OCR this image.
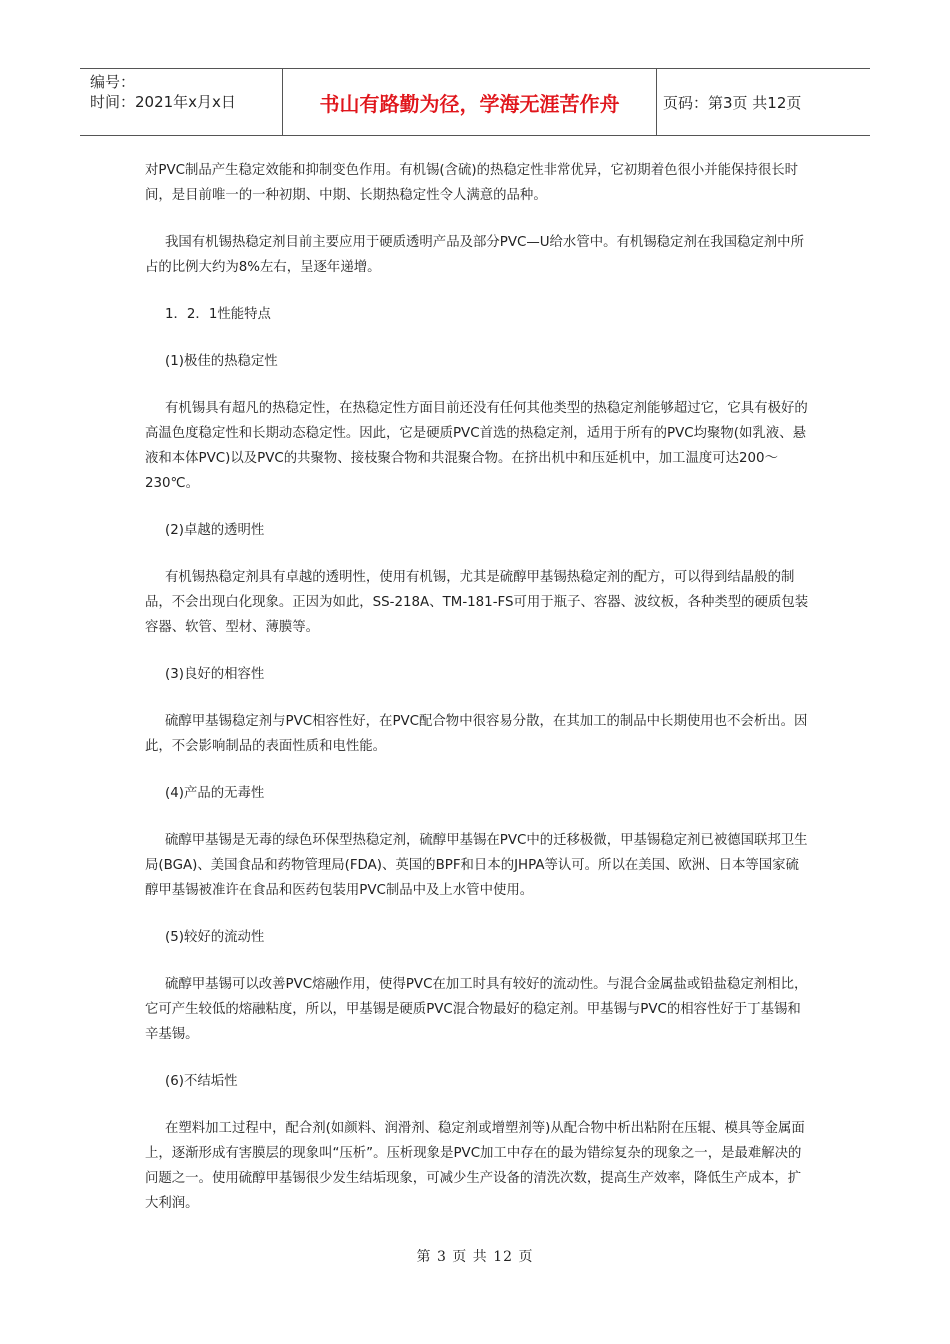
编号：
时间：2021年x月x日	书山有路勤为径，学海无涯苦作舟	页码：第3页 共12页

对PVC制品产生稳定效能和抑制变色作用。有机锡(含硫)的热稳定性非常优异，它初期着色很小并能保持很长时间，是目前唯一的一种初期、中期、长期热稳定性令人满意的品种。

我国有机锡热稳定剂目前主要应用于硬质透明产品及部分PVC—U给水管中。有机锡稳定剂在我国稳定剂中所占的比例大约为8%左右，呈逐年递增。

1．2．1性能特点

(1)极佳的热稳定性

有机锡具有超凡的热稳定性，在热稳定性方面目前还没有任何其他类型的热稳定剂能够超过它，它具有极好的高温色度稳定性和长期动态稳定性。因此，它是硬质PVC首选的热稳定剂，适用于所有的PVC均聚物(如乳液、悬液和本体PVC)以及PVC的共聚物、接枝聚合物和共混聚合物。在挤出机中和压延机中，加工温度可达200～230℃。

(2)卓越的透明性

有机锡热稳定剂具有卓越的透明性，使用有机锡，尤其是硫醇甲基锡热稳定剂的配方，可以得到结晶般的制品，不会出现白化现象。正因为如此，SS-218A、TM-181-FS可用于瓶子、容器、波纹板，各种类型的硬质包装容器、软管、型材、薄膜等。

(3)良好的相容性

硫醇甲基锡稳定剂与PVC相容性好，在PVC配合物中很容易分散，在其加工的制品中长期使用也不会析出。因此，不会影响制品的表面性质和电性能。

(4)产品的无毒性

硫醇甲基锡是无毒的绿色环保型热稳定剂，硫醇甲基锡在PVC中的迁移极微，甲基锡稳定剂已被德国联邦卫生局(BGA)、美国食品和药物管理局(FDA)、英国的BPF和日本的JHPA等认可。所以在美国、欧洲、日本等国家硫醇甲基锡被准许在食品和医药包装用PVC制品中及上水管中使用。

(5)较好的流动性

硫醇甲基锡可以改善PVC熔融作用，使得PVC在加工时具有较好的流动性。与混合金属盐或铅盐稳定剂相比，它可产生较低的熔融粘度，所以，甲基锡是硬质PVC混合物最好的稳定剂。甲基锡与PVC的相容性好于丁基锡和辛基锡。

(6)不结垢性

在塑料加工过程中，配合剂(如颜料、润滑剂、稳定剂或增塑剂等)从配合物中析出粘附在压辊、模具等金属面上，逐渐形成有害膜层的现象叫“压析”。压析现象是PVC加工中存在的最为错综复杂的现象之一，是最难解决的问题之一。使用硫醇甲基锡很少发生结垢现象，可减少生产设备的清洗次数，提高生产效率，降低生产成本，扩大利润。

第 3 页 共 12 页
